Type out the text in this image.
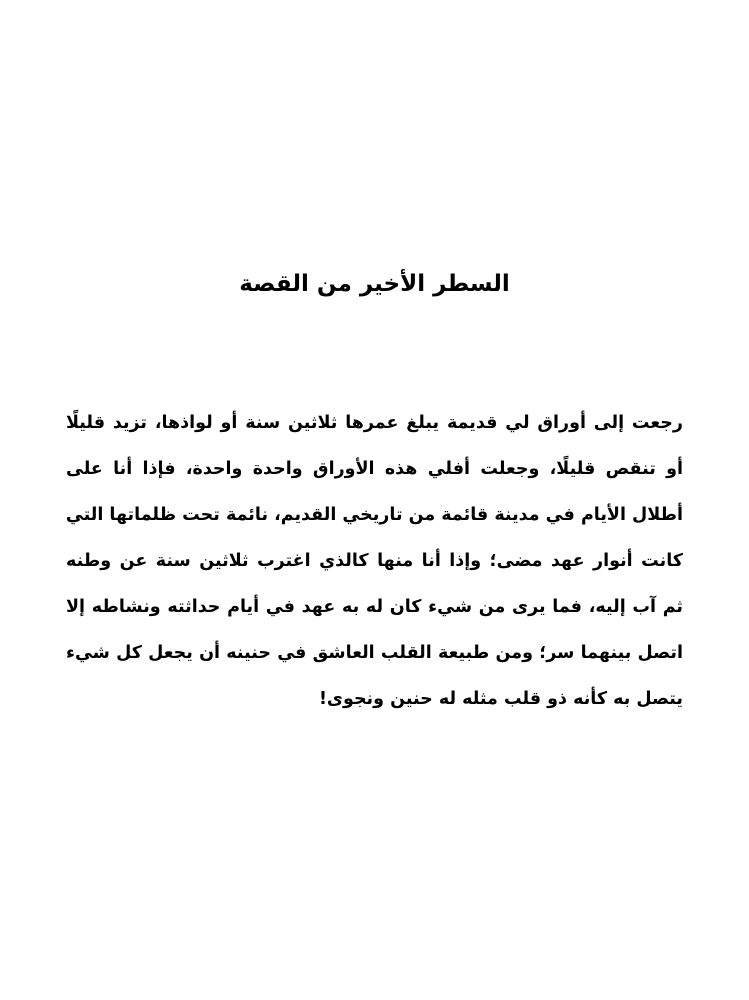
السطر الأخير من القصة
رجعت إلى أوراق لي قديمة يبلغ عمرها ثلاثين سنة أو لواذها، تزيد قليلًا
أو تنقص قليلًا، وجعلت أفلي هذه الأوراق واحدة واحدة، فإذا أنا على
أطلال الأيام في مدينة قائمة من تاريخي القديم، نائمة تحت ظلماتها التي
كانت أنوار عهد مضى؛ وإذا أنا منها كالذي اغترب ثلاثين سنة عن وطنه
ثم آب إليه، فما يرى من شيء كان له به عهد في أيام حداثته ونشاطه إلا
اتصل بينهما سر؛ ومن طبيعة القلب العاشق في حنينه أن يجعل كل شيء
يتصل به كأنه ذو قلب مثله له حنين ونجوى!
